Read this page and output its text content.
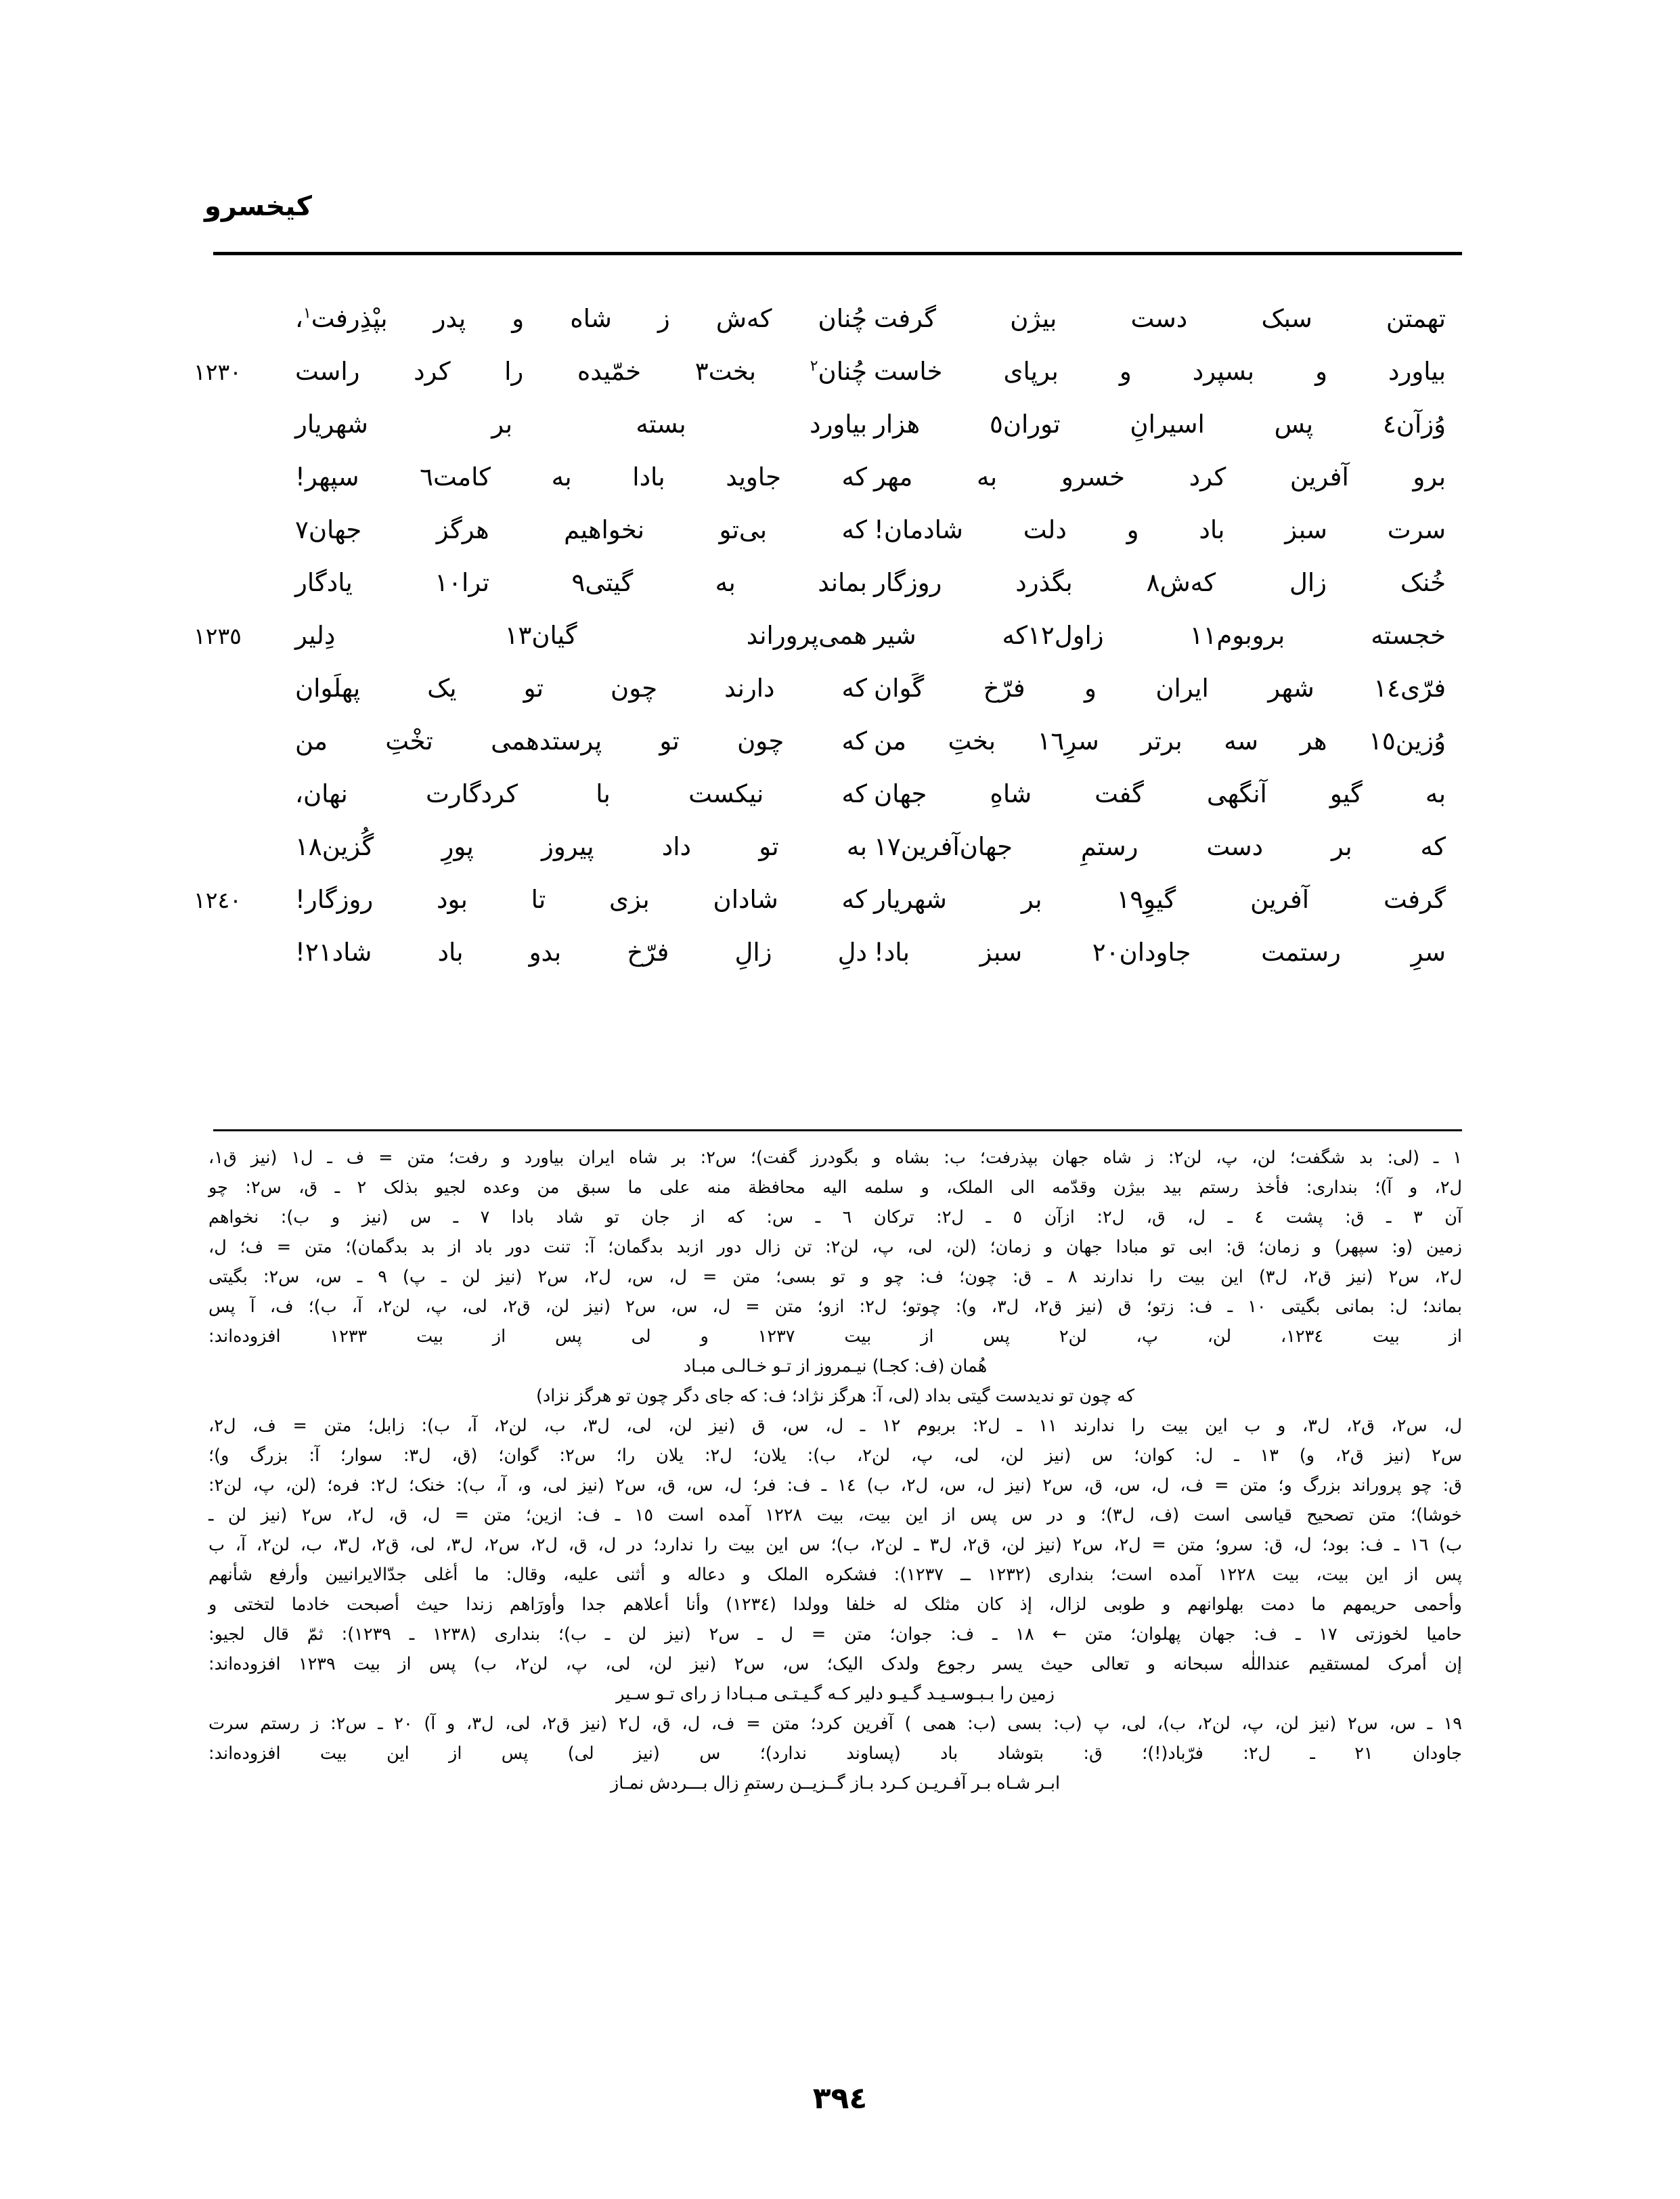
کیخسرو
تهمتن سبک دست بیژن گرفت
چُنان که‌ش ز شاه و پدر بپْذِرفت$^١$،
بیاورد و بسپرد و برپای خاست
چُنان$^٢$ بخت٣ خمّیده را کرد راست
١٢٣٠
وُزآن٤ پس اسیرانِ توران٥ هزار
بیاورد بسته بر شهریار
برو آفرین کرد خسرو به مهر
که جاوید بادا به کامت٦ سپهر!
سرت سبز باد و دلت شادمان!
که بی‌تو نخواهیم هرگز جهان٧
خُنک زال که‌ش٨ بگذرد روزگار
بماند به گیتی٩ ترا١٠ یادگار
خجسته بروبوم١١ زاول١٢که شیر
همی‌پروراند گیان١٣ دِلیر
١٢٣٥
فرّی١٤ شهر ایران و فرّخ گَوان
که دارند چون تو یک پهلَوان
وُزین١٥ هر سه برتر سرِ١٦ بختِ من
که چون تو پرستدهمی تخْتِ من
به گیو آنگهی گفت شاهِ جهان
که نیکست با کردگارت نهان،
که بر دست رستمِ جهان‌آفرین١٧
به تو داد پیروز پورِ گُزین١٨
گرفت آفرین گیوِ١٩ بر شهریار
که شادان بزی تا بود روزگار!
١٢٤٠
سرِ رستمت جاودان٢٠ سبز باد!
دلِ زالِ فرّخ بدو باد شاد٢١!
١ ـ (لی: بد شگفت؛ لن، پ، لن٢: ز شاه جهان بپذرفت؛ ب: بشاه و بگودرز گفت)؛ س٢: بر شاه ایران بیاورد و رفت؛ متن = ف ـ ل١ (نیز ق١،
ل٢، و آ)؛ بنداری: فأخذ رستم بید بیژن وقدّمه الی الملک، و سلمه الیه محافظة منه علی ما سبق من وعده لجیو بذلک ٢ ـ ق، س٢: چو
آن ٣ ـ ق: پشت ٤ ـ ل، ق، ل٢: ازآن ٥ ـ ل٢: ترکان ٦ ـ س: که از جان تو شاد بادا ٧ ـ س (نیز و ب): نخواهم
زمین (و: سپهر) و زمان؛ ق: ابی تو مبادا جهان و زمان؛ (لن، لی، پ، لن٢: تن زال دور ازبد بدگمان؛ آ: تنت دور باد از بد بدگمان)؛ متن = ف؛ ل،
ل٢، س٢ (نیز ق٢، ل٣) این بیت را ندارند ٨ ـ ق: چون؛ ف: چو و تو بسی؛ متن = ل، س، ل٢، س٢ (نیز لن ـ پ) ٩ ـ س، س٢: بگیتی
بماند؛ ل: بمانی بگیتی ١٠ ـ ف: زتو؛ ق (نیز ق٢، ل٣، و): چوتو؛ ل٢: ازو؛ متن = ل، س، س٢ (نیز لن، ق٢، لی، پ، لن٢، آ، ب)؛ ف، آ پس
از بیت ١٢٣٤، لن، پ، لن٢ پس از بیت ١٢٣٧ و لی پس از بیت ١٢٣٣ افزوده‌اند:
هُمان (ف: کجـا) نیـمروز از تـو خـالـی مبـاد
که چون تو ندیدست گیتی بداد (لی، آ: هرگز نژاد؛ ف: که جای دگر چون تو هرگز نزاد)
ل، س٢، ق٢، ل٣، و ب این بیت را ندارند ١١ ـ ل٢: بربوم ١٢ ـ ل، س، ق (نیز لن، لی، ل٣، ب، لن٢، آ، ب): زابل؛ متن = ف، ل٢،
س٢ (نیز ق٢، و) ١٣ ـ ل: کوان؛ س (نیز لن، لی، پ، لن٢، ب): یلان؛ ل٢: یلان را؛ س٢: گوان؛ (ق، ل٣: سوار؛ آ: بزرگ و)؛
ق: چو پروراند بزرگ و؛ متن = ف، ل، س، ق، س٢ (نیز ل، س، ل٢، ب) ١٤ ـ ف: فر؛ ل، س، ق، س٢ (نیز لی، و، آ، ب): خنک؛ ل٢: فره؛ (لن، پ، لن٢:
خوشا)؛ متن تصحیح قیاسی است (ف، ل٣)؛ و در س پس از این بیت، بیت ١٢٢٨ آمده است ١٥ ـ ف: ازین؛ متن = ل، ق، ل٢، س٢ (نیز لن ـ
ب) ١٦ ـ ف: بود؛ ل، ق: سرو؛ متن = ل٢، س٢ (نیز لن، ق٢، ل٣ ـ لن٢، ب)؛ س این بیت را ندارد؛ در ل، ق، ل٢، س٢، ل٣، لی، ق٢، ل٣، ب، لن٢، آ، ب
پس از این بیت، بیت ١٢٢٨ آمده است؛ بنداری (١٢٣٢ ــ ١٢٣٧): فشکره الملک و دعاله و أثنی علیه، وقال: ما أغلی جدّالایرانیین وأرفع شأنهم
وأحمی حریمهم ما دمت بهلوانهم و طوبی لزال، إذ کان مثلک له خلفا وولدا (١٢٣٤) وأنا أعلاهم جدا وأورَاهم زندا حیث أصبحت خادما لتختی و
حامیا لخوزتی ١٧ ـ ف: جهان پهلوان؛ متن ← ١٨ ـ ف: جوان؛ متن = ل ـ س٢ (نیز لن ـ ب)؛ بنداری (١٢٣٨ ـ ١٢٣٩): ثمّ قال لجیو:
إن أمرک لمستقیم عنداللٰه سبحانه و تعالی حیث یسر رجوع ولدک الیک؛ س، س٢ (نیز لن، لی، پ، لن٢، ب) پس از بیت ١٢٣٩ افزوده‌اند:
زمین را بـبـوسـیـد گـیـو دلیر کـه گـیـتـی مـبـادا ز رای تـو سـیر
١٩ ـ س، س٢ (نیز لن، پ، لن٢، ب)، لی، پ (ب: بسی (ب: همی ) آفرین کرد؛ متن = ف، ل، ق، ل٢ (نیز ق٢، لی، ل٣، و آ) ٢٠ ـ س٢: ز رستم سرت
جاودان ٢١ ـ ل٢: فرّباد(!)؛ ق: بتوشاد باد (پساوند ندارد)؛ س (نیز لی) پس از این بیت افزوده‌اند:
ابـر شـاه بـر آفـریـن کـرد بـاز گــزیــن رستمِ زال بـــردش نمـاز
٣٩٤
